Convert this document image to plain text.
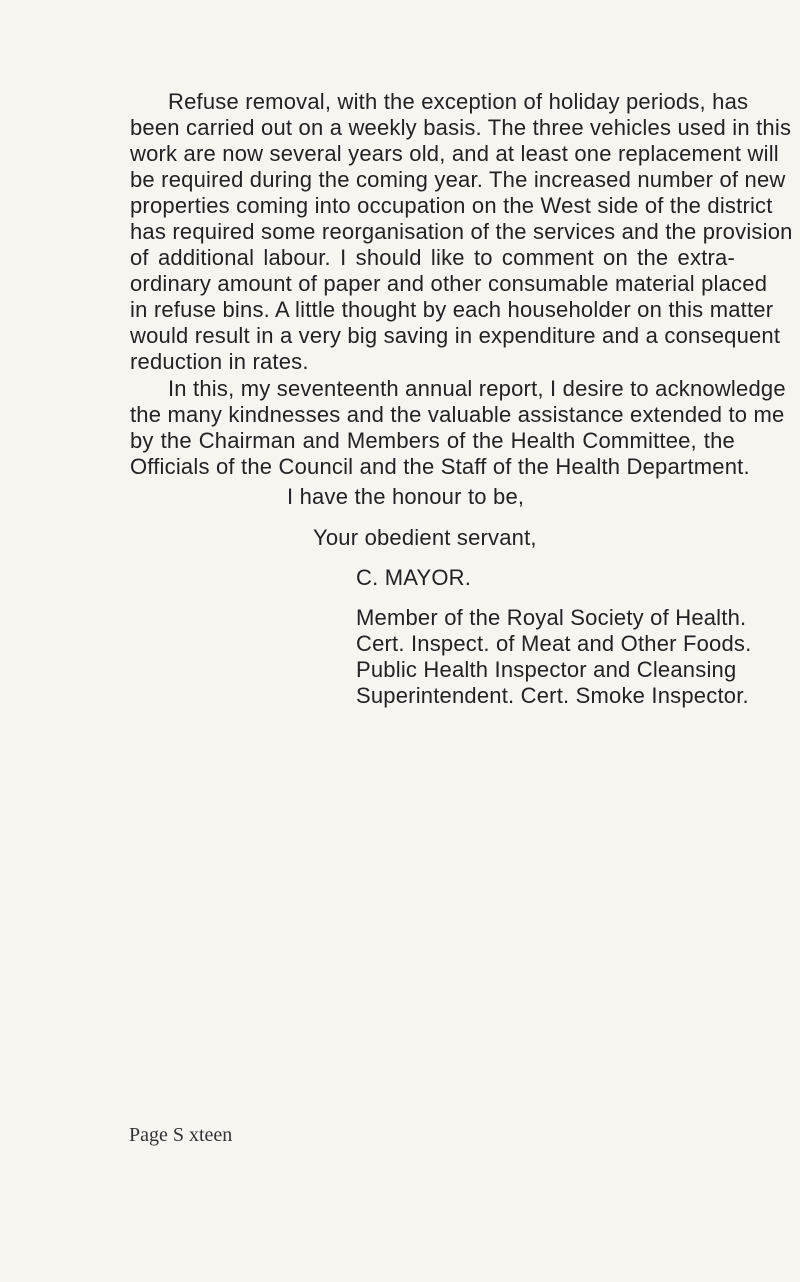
Refuse removal, with the exception of holiday periods, has
been carried out on a weekly basis. The three vehicles used in this
work are now several years old, and at least one replacement will
be required during the coming year. The increased number of new
properties coming into occupation on the West side of the district
has required some reorganisation of the services and the provision
of additional labour. I should like to comment on the extra-
ordinary amount of paper and other consumable material placed
in refuse bins. A little thought by each householder on this matter
would result in a very big saving in expenditure and a consequent
reduction in rates.
In this, my seventeenth annual report, I desire to acknowledge
the many kindnesses and the valuable assistance extended to me
by the Chairman and Members of the Health Committee, the
Officials of the Council and the Staff of the Health Department.
I have the honour to be,
Your obedient servant,
C. MAYOR.
Member of the Royal Society of Health.
Cert. Inspect. of Meat and Other Foods.
Public Health Inspector and Cleansing
Superintendent. Cert. Smoke Inspector.
Page S xteen
